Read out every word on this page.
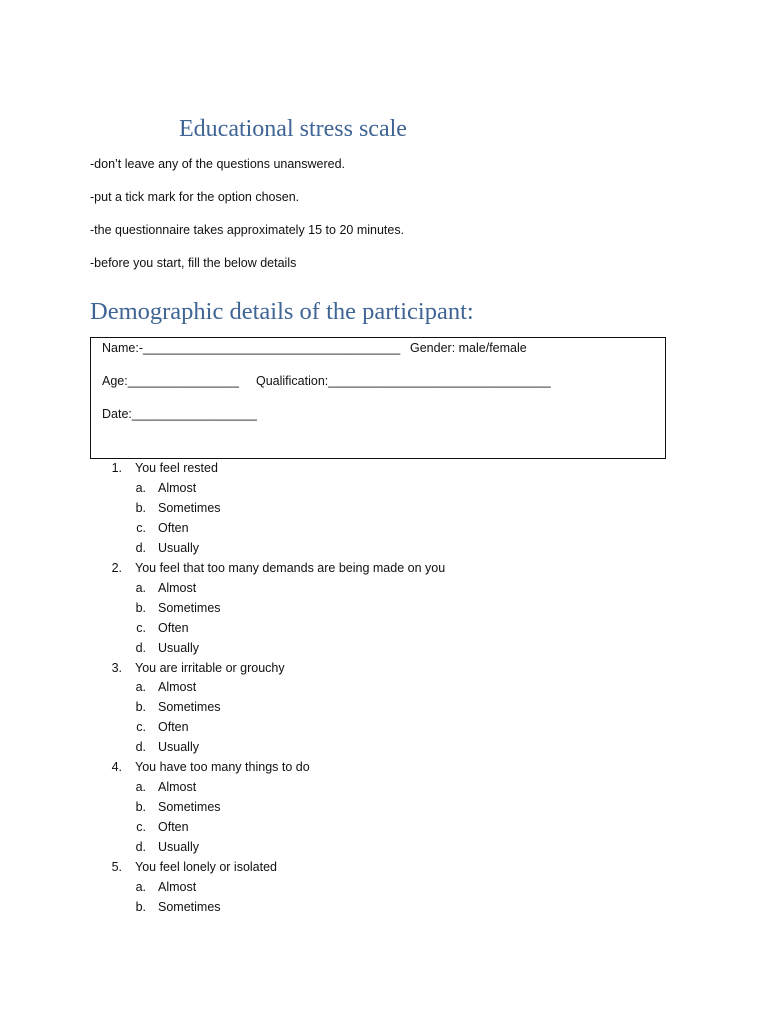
Educational stress scale
-don’t leave any of the questions unanswered.
-put a tick mark for the option chosen.
-the questionnaire takes approximately 15 to 20 minutes.
-before you start, fill the below details
Demographic details of the participant:
Name:-_____________________________________ Gender: male/female
Age:________________ Qualification:________________________________
Date:__________________
1. You feel rested
a. Almost
b. Sometimes
c. Often
d. Usually
2. You feel that too many demands are being made on you
a. Almost
b. Sometimes
c. Often
d. Usually
3. You are irritable or grouchy
a. Almost
b. Sometimes
c. Often
d. Usually
4. You have too many things to do
a. Almost
b. Sometimes
c. Often
d. Usually
5. You feel lonely or isolated
a. Almost
b. Sometimes
